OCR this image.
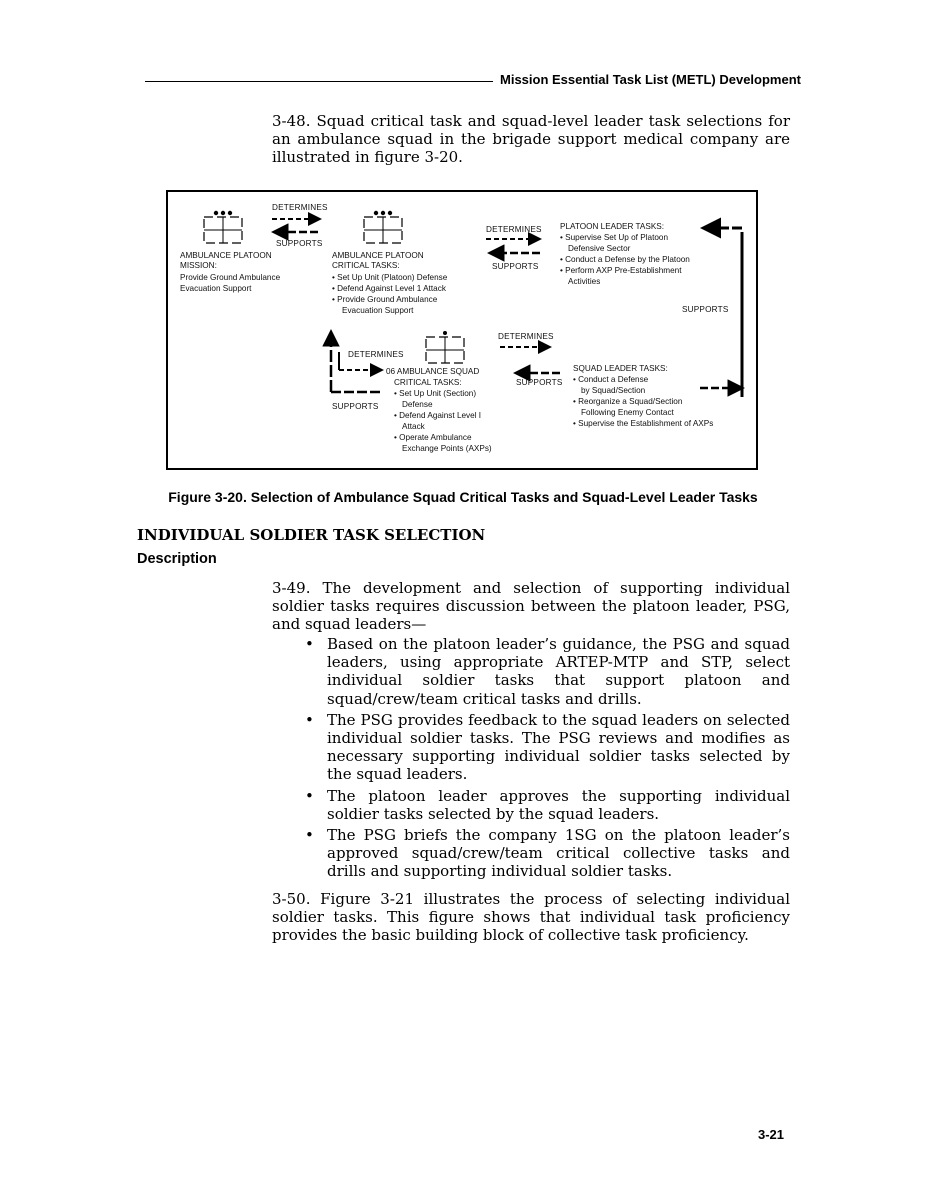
Mission Essential Task List (METL) Development
3-48. Squad critical task and squad-level leader task selections for an ambulance squad in the brigade support medical company are illustrated in figure 3-20.
DETERMINES
SUPPORTS
AMBULANCE PLATOON
MISSION:
Provide Ground Ambulance
Evacuation Support
AMBULANCE PLATOON
CRITICAL TASKS:
• Set Up Unit (Platoon) Defense
• Defend Against Level 1 Attack
• Provide Ground Ambulance
Evacuation Support
DETERMINES
SUPPORTS
PLATOON LEADER TASKS:
• Supervise Set Up of Platoon
Defensive Sector
• Conduct a Defense by the Platoon
• Perform AXP Pre-Establishment
Activities
SUPPORTS
DETERMINES
DETERMINES
06 AMBULANCE SQUAD
CRITICAL TASKS:
• Set Up Unit (Section)
Defense
• Defend Against Level I
Attack
• Operate Ambulance
Exchange Points (AXPs)
SUPPORTS
SUPPORTS
SQUAD LEADER TASKS:
• Conduct a Defense
by Squad/Section
• Reorganize a Squad/Section
Following Enemy Contact
• Supervise the Establishment of AXPs
Figure 3-20. Selection of Ambulance Squad Critical Tasks and Squad-Level Leader Tasks
INDIVIDUAL SOLDIER TASK SELECTION
Description
3-49. The development and selection of supporting individual soldier tasks requires discussion between the platoon leader, PSG, and squad leaders—
• Based on the platoon leader’s guidance, the PSG and squad leaders, using appropriate ARTEP-MTP and STP, select individual soldier tasks that support platoon and squad/crew/team critical tasks and drills.
• The PSG provides feedback to the squad leaders on selected individual soldier tasks. The PSG reviews and modifies as necessary supporting individual soldier tasks selected by the squad leaders.
• The platoon leader approves the supporting individual soldier tasks selected by the squad leaders.
• The PSG briefs the company 1SG on the platoon leader’s approved squad/crew/team critical collective tasks and drills and supporting individual soldier tasks.
3-50. Figure 3-21 illustrates the process of selecting individual soldier tasks. This figure shows that individual task proficiency provides the basic building block of collective task proficiency.
3-21
